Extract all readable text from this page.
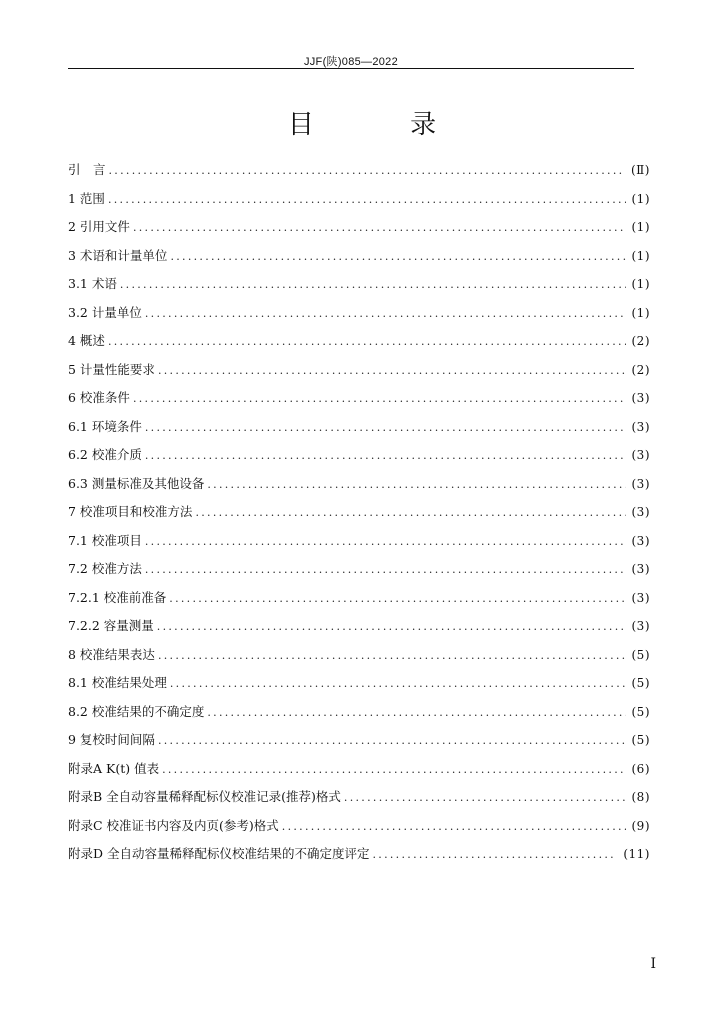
JJF(陕)085—2022
目 录
引　言 .....	(Ⅱ)
1 范围 .....	(1)
2 引用文件 .....	(1)
3 术语和计量单位 .....	(1)
3.1 术语 .....	(1)
3.2 计量单位 .....	(1)
4 概述 .....	(2)
5 计量性能要求 .....	(2)
6 校准条件 .....	(3)
6.1 环境条件 .....	(3)
6.2 校准介质 .....	(3)
6.3 测量标准及其他设备 .....	(3)
7 校准项目和校准方法 .....	(3)
7.1 校准项目 .....	(3)
7.2 校准方法 .....	(3)
7.2.1 校准前准备 .....	(3)
7.2.2 容量测量 .....	(3)
8 校准结果表达 .....	(5)
8.1 校准结果处理 .....	(5)
8.2 校准结果的不确定度 .....	(5)
9 复校时间间隔 .....	(5)
附录A K(t) 值表 .....	(6)
附录B 全自动容量稀释配标仪校准记录(推荐)格式 .....	(8)
附录C 校准证书内容及内页(参考)格式 .....	(9)
附录D 全自动容量稀释配标仪校准结果的不确定度评定 .....	(11)
I
